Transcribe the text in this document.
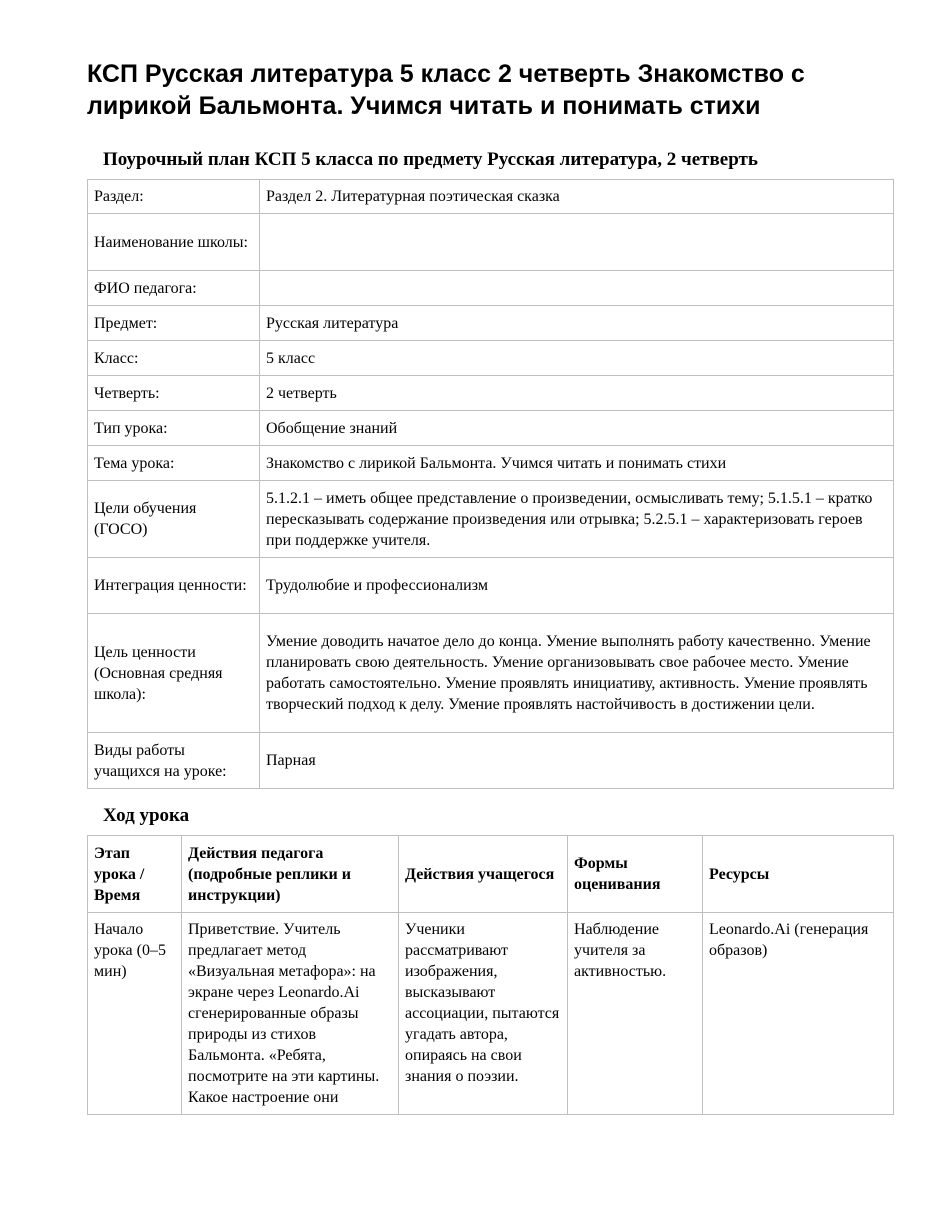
КСП Русская литература 5 класс 2 четверть Знакомство с лирикой Бальмонта. Учимся читать и понимать стихи
Поурочный план КСП 5 класса по предмету Русская литература, 2 четверть
Раздел:	Раздел 2. Литературная поэтическая сказка
Наименование школы:	
ФИО педагога:	
Предмет:	Русская литература
Класс:	5 класс
Четверть:	2 четверть
Тип урока:	Обобщение знаний
Тема урока:	Знакомство с лирикой Бальмонта. Учимся читать и понимать стихи
Цели обучения (ГОСО)	5.1.2.1 – иметь общее представление о произведении, осмысливать тему; 5.1.5.1 – кратко пересказывать содержание произведения или отрывка; 5.2.5.1 – характеризовать героев при поддержке учителя.
Интеграция ценности:	Трудолюбие и профессионализм
Цель ценности (Основная средняя школа):	Умение доводить начатое дело до конца. Умение выполнять работу качественно. Умение планировать свою деятельность. Умение организовывать свое рабочее место. Умение работать самостоятельно. Умение проявлять инициативу, активность. Умение проявлять творческий подход к делу. Умение проявлять настойчивость в достижении цели.
Виды работы учащихся на уроке:	Парная
Ход урока
Этап урока / Время	Действия педагога (подробные реплики и инструкции)	Действия учащегося	Формы оценивания	Ресурсы
Начало урока (0–5 мин)	Приветствие. Учитель предлагает метод «Визуальная метафора»: на экране через Leonardo.Ai сгенерированные образы природы из стихов Бальмонта. «Ребята, посмотрите на эти картины. Какое настроение они	Ученики рассматривают изображения, высказывают ассоциации, пытаются угадать автора, опираясь на свои знания о поэзии.	Наблюдение учителя за активностью.	Leonardo.Ai (генерация образов)
